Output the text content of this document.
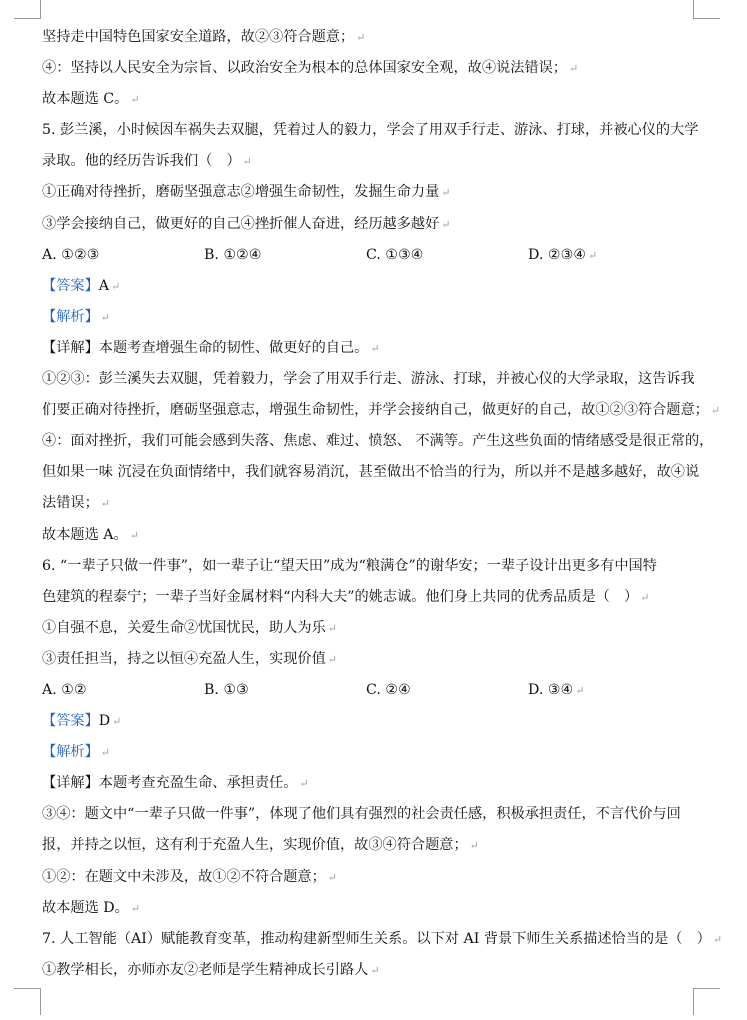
坚持走中国特色国家安全道路，故②③符合题意； ↵
④：坚持以人民安全为宗旨、以政治安全为根本的总体国家安全观，故④说法错误； ↵
故本题选 C。 ↵
5. 彭兰溪，小时候因车祸失去双腿，凭着过人的毅力，学会了用双手行走、游泳、打球，并被心仪的大学
录取。他的经历告诉我们（　） ↵
①正确对待挫折，磨砺坚强意志②增强生命韧性，发掘生命力量 ↵
③学会接纳自己，做更好的自己④挫折催人奋进，经历越多越好 ↵
A. ①②③	B. ①②④	C. ①③④	D. ②③④ ↵
【答案】A ↵
【解析】 ↵
【详解】本题考查增强生命的韧性、做更好的自己。 ↵
①②③：彭兰溪失去双腿，凭着毅力，学会了用双手行走、游泳、打球，并被心仪的大学录取，这告诉我
们要正确对待挫折，磨砺坚强意志，增强生命韧性，并学会接纳自己，做更好的自己，故①②③符合题意； ↵
④：面对挫折，我们可能会感到失落、焦虑、难过、愤怒、 不满等。产生这些负面的情绪感受是很正常的，
但如果一味 沉浸在负面情绪中，我们就容易消沉，甚至做出不恰当的行为，所以并不是越多越好，故④说
法错误； ↵
故本题选 A。 ↵
6. “一辈子只做一件事”，如一辈子让“望天田”成为“粮满仓”的谢华安；一辈子设计出更多有中国特
色建筑的程泰宁；一辈子当好金属材料“内科大夫”的姚志诚。他们身上共同的优秀品质是（　） ↵
①自强不息，关爱生命②忧国忧民，助人为乐 ↵
③责任担当，持之以恒④充盈人生，实现价值 ↵
A. ①②	B. ①③	C. ②④	D. ③④ ↵
【答案】D ↵
【解析】 ↵
【详解】本题考查充盈生命、承担责任。 ↵
③④：题文中“一辈子只做一件事”，体现了他们具有强烈的社会责任感，积极承担责任，不言代价与回
报，并持之以恒，这有利于充盈人生，实现价值，故③④符合题意； ↵
①②：在题文中未涉及，故①②不符合题意； ↵
故本题选 D。 ↵
7. 人工智能（AI）赋能教育变革，推动构建新型师生关系。以下对 AI 背景下师生关系描述恰当的是（　） ↵
①教学相长，亦师亦友②老师是学生精神成长引路人 ↵
